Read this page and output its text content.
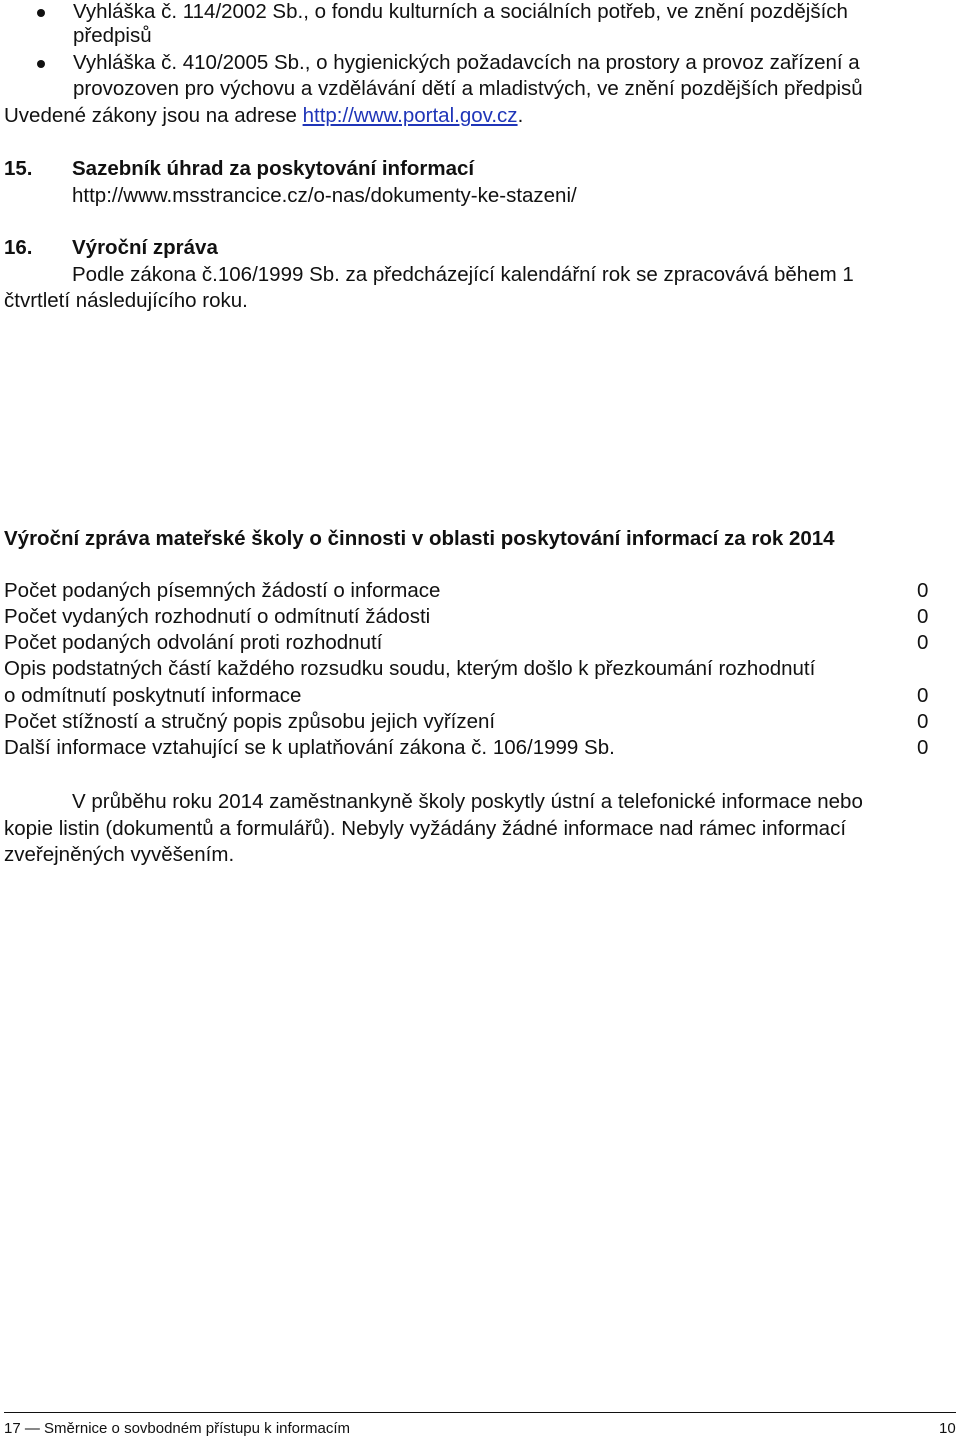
Vyhláška č. 114/2002 Sb., o fondu kulturních a sociálních potřeb, ve znění pozdějších
předpisů
Vyhláška č. 410/2005 Sb., o hygienických požadavcích na prostory a provoz zařízení a
provozoven pro výchovu a vzdělávání dětí a mladistvých, ve znění pozdějších předpisů
Uvedené zákony jsou na adrese http://www.portal.gov.cz.
15. Sazebník úhrad za poskytování informací
http://www.msstrancice.cz/o-nas/dokumenty-ke-stazeni/
16. Výroční zpráva
Podle zákona č.106/1999 Sb. za předcházející kalendářní rok se zpracovává během 1
čtvrtletí následujícího roku.
Výroční zpráva mateřské školy o činnosti v oblasti poskytování informací za rok 2014
Počet podaných písemných žádostí o informace	0
Počet vydaných rozhodnutí o odmítnutí žádosti	0
Počet podaných odvolání proti rozhodnutí	0
Opis podstatných částí každého rozsudku soudu, kterým došlo k přezkoumání rozhodnutí
o odmítnutí poskytnutí informace	0
Počet stížností a stručný popis způsobu jejich vyřízení	0
Další informace vztahující se k uplatňování zákona č. 106/1999 Sb.	0
V průběhu roku 2014 zaměstnankyně školy poskytly ústní a telefonické informace nebo
kopie listin (dokumentů a formulářů). Nebyly vyžádány žádné informace nad rámec informací
zveřejněných vyvěšením.
17 — Směrnice o sovbodném přístupu k informacím	10
